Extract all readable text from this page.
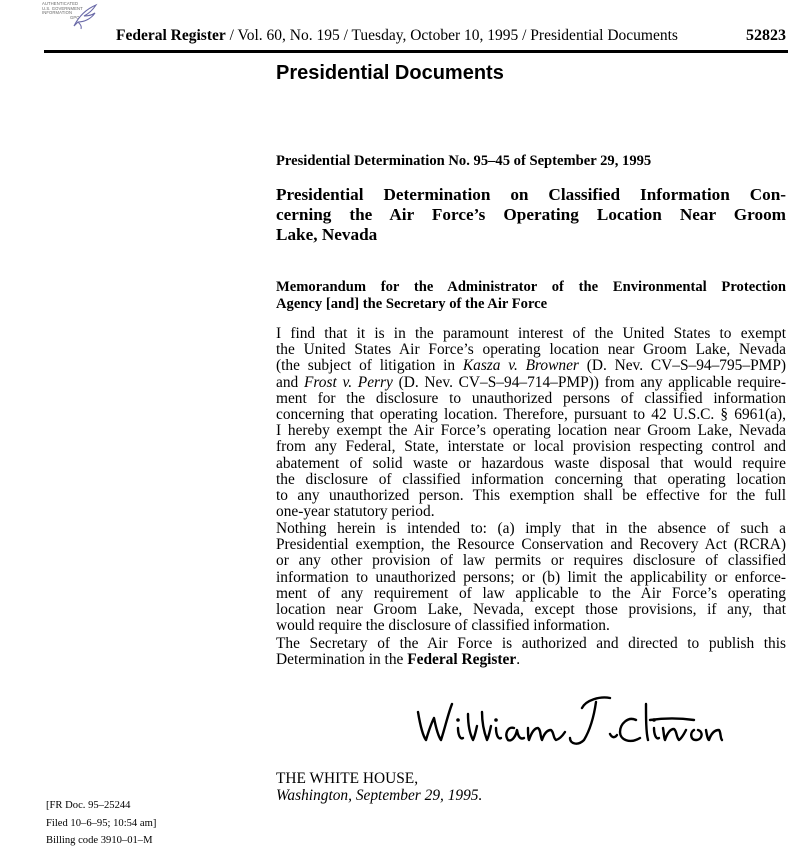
AUTHENTICATED
U.S. GOVERNMENT
INFORMATION
GPO
Federal Register / Vol. 60, No. 195 / Tuesday, October 10, 1995 / Presidential Documents	52823
Presidential Documents
Presidential Determination No. 95–45 of September 29, 1995
Presidential Determination on Classified Information Con-
cerning the Air Force’s Operating Location Near Groom
Lake, Nevada
Memorandum for the Administrator of the Environmental Protection
Agency [and] the Secretary of the Air Force
I find that it is in the paramount interest of the United States to exempt
the United States Air Force’s operating location near Groom Lake, Nevada
(the subject of litigation in Kasza v. Browner (D. Nev. CV–S–94–795–PMP)
and Frost v. Perry (D. Nev. CV–S–94–714–PMP)) from any applicable require-
ment for the disclosure to unauthorized persons of classified information
concerning that operating location. Therefore, pursuant to 42 U.S.C. § 6961(a),
I hereby exempt the Air Force’s operating location near Groom Lake, Nevada
from any Federal, State, interstate or local provision respecting control and
abatement of solid waste or hazardous waste disposal that would require
the disclosure of classified information concerning that operating location
to any unauthorized person. This exemption shall be effective for the full
one-year statutory period.
Nothing herein is intended to: (a) imply that in the absence of such a
Presidential exemption, the Resource Conservation and Recovery Act (RCRA)
or any other provision of law permits or requires disclosure of classified
information to unauthorized persons; or (b) limit the applicability or enforce-
ment of any requirement of law applicable to the Air Force’s operating
location near Groom Lake, Nevada, except those provisions, if any, that
would require the disclosure of classified information.
The Secretary of the Air Force is authorized and directed to publish this
Determination in the Federal Register.
THE WHITE HOUSE,
Washington, September 29, 1995.
[FR Doc. 95–25244
Filed 10–6–95; 10:54 am]
Billing code 3910–01–M
